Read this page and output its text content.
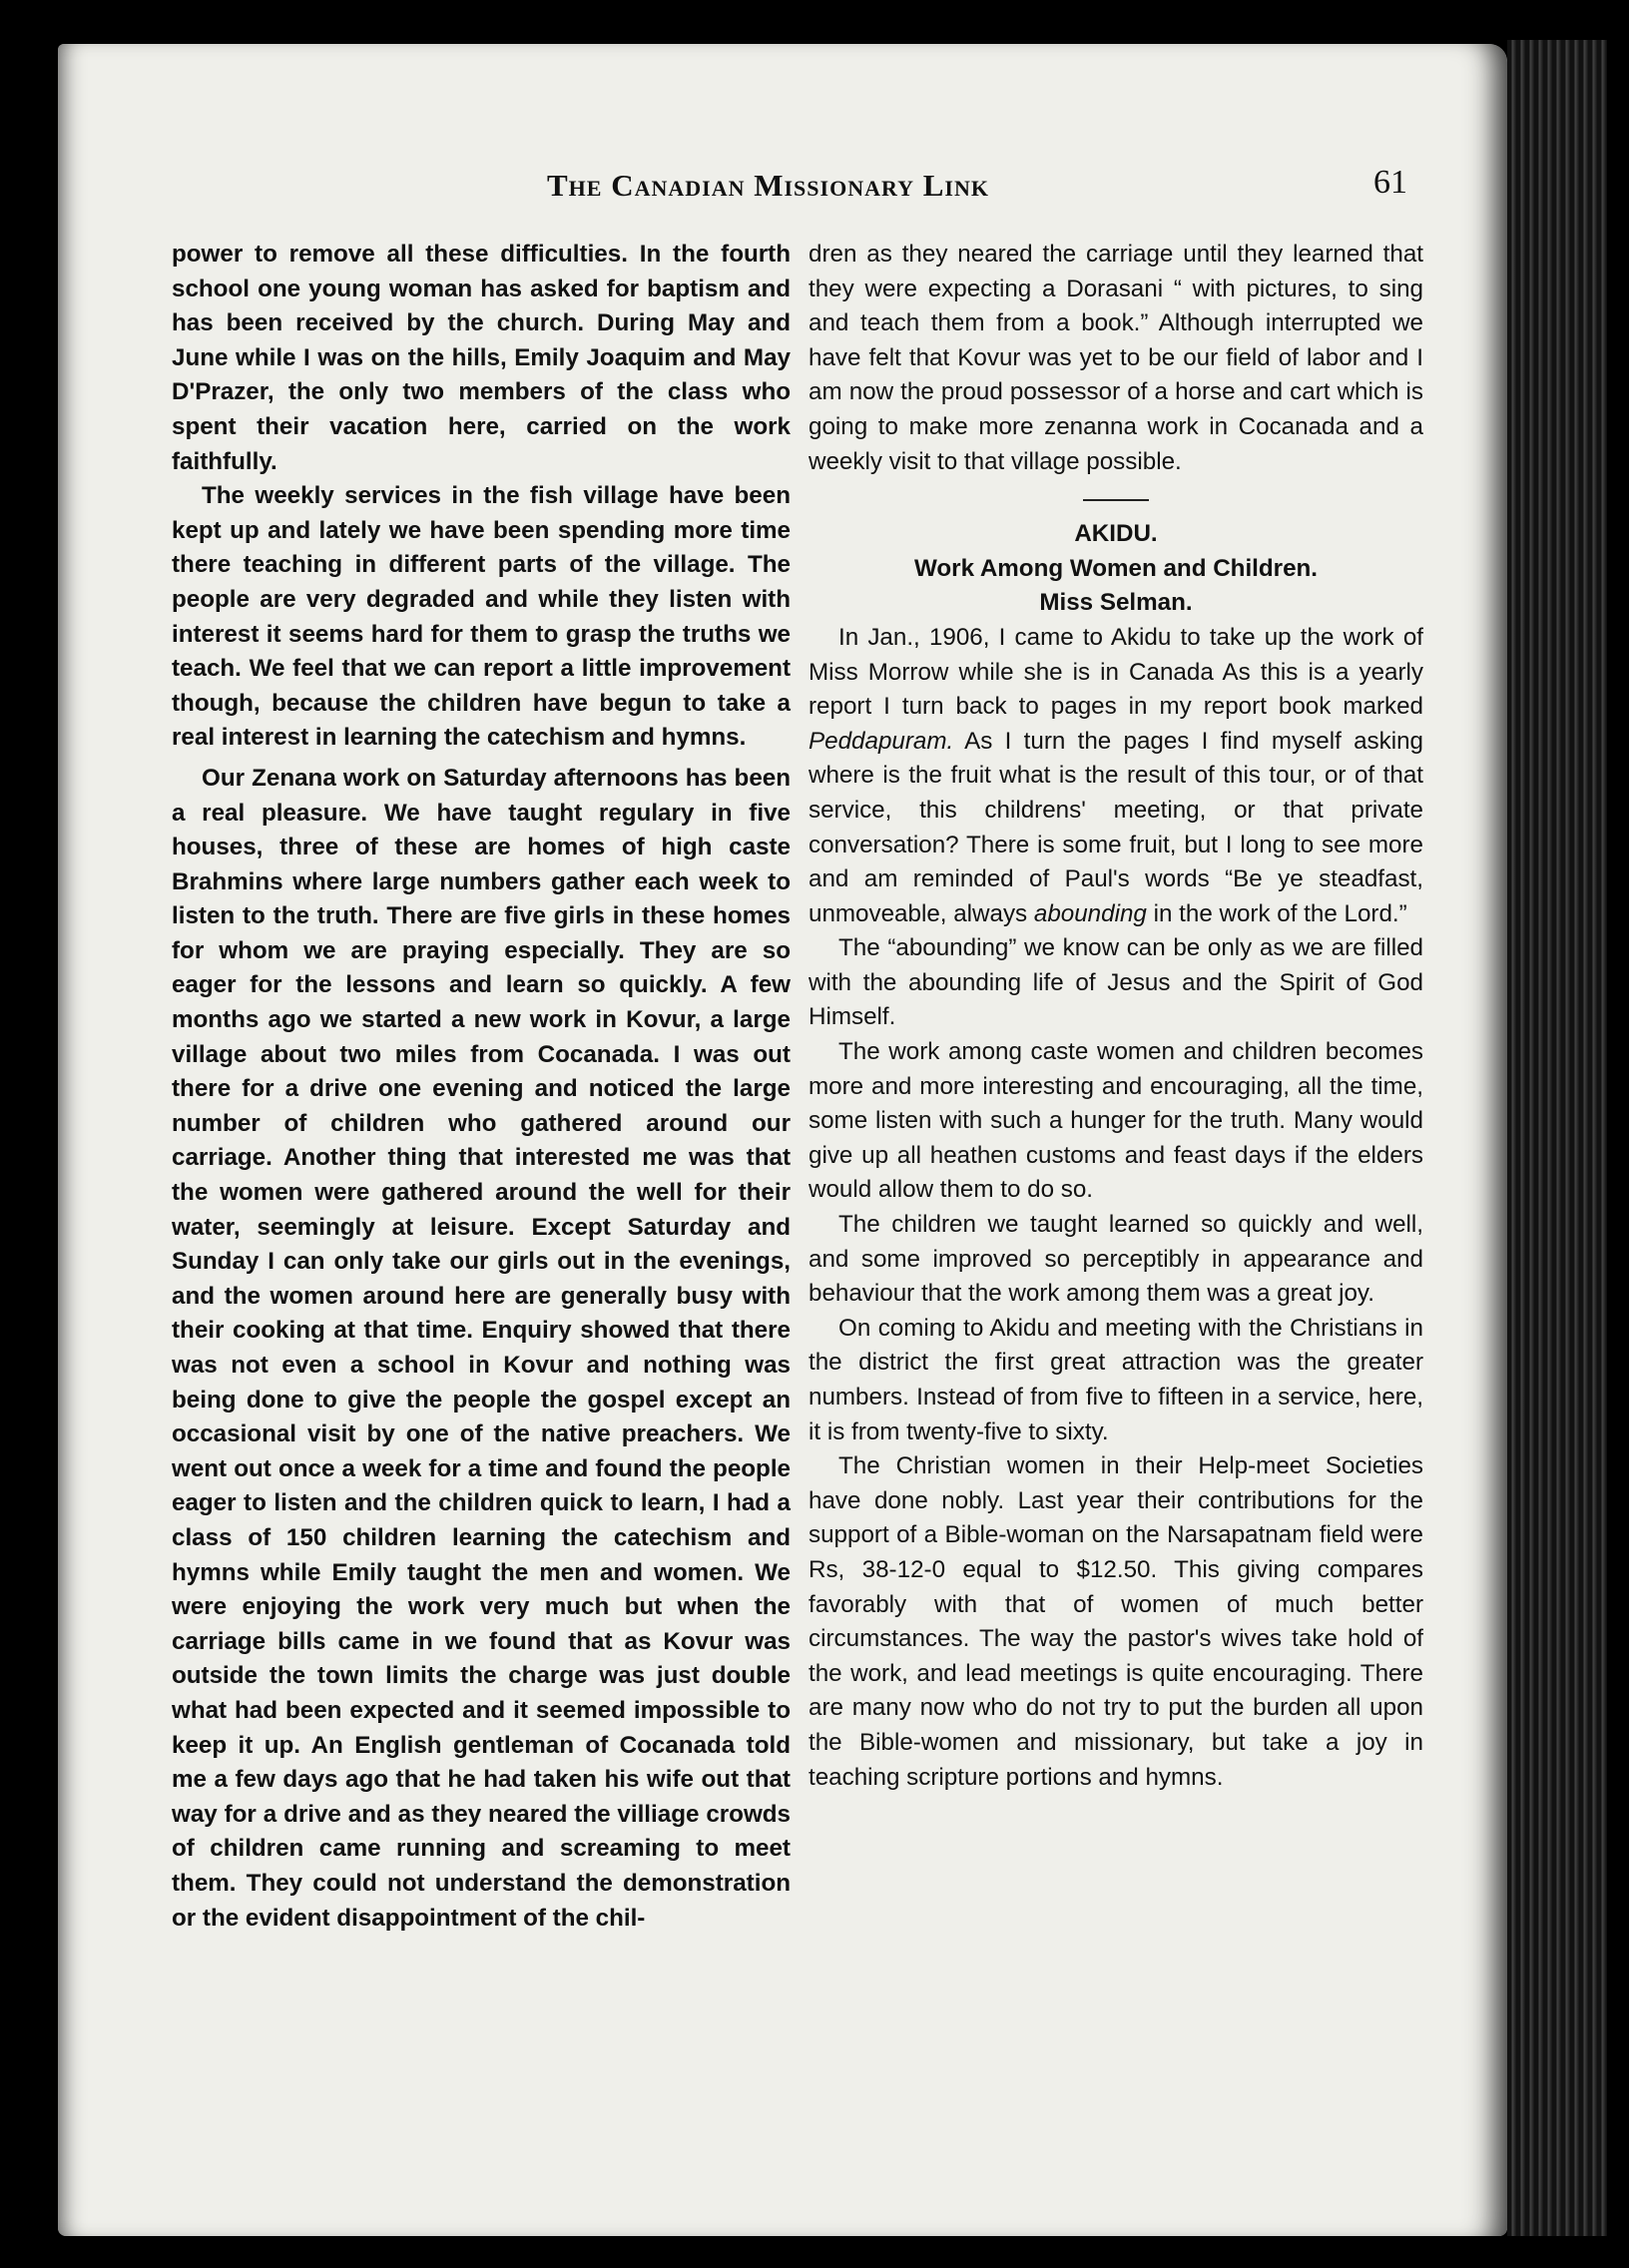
The Canadian Missionary Link	61

power to remove all these difficulties. In the fourth school one young woman has asked for baptism and has been received by the church. During May and June while I was on the hills, Emily Joaquim and May D'Prazer, the only two members of the class who spent their vacation here, carried on the work faithfully.

The weekly services in the fish village have been kept up and lately we have been spending more time there teaching in different parts of the village. The people are very degraded and while they listen with interest it seems hard for them to grasp the truths we teach. We feel that we can report a little improvement though, because the children have begun to take a real interest in learning the catechism and hymns.

Our Zenana work on Saturday afternoons has been a real pleasure. We have taught regulary in five houses, three of these are homes of high caste Brahmins where large numbers gather each week to listen to the truth. There are five girls in these homes for whom we are praying especially. They are so eager for the lessons and learn so quickly. A few months ago we started a new work in Kovur, a large village about two miles from Cocanada. I was out there for a drive one evening and noticed the large number of children who gathered around our carriage. Another thing that interested me was that the women were gathered around the well for their water, seemingly at leisure. Except Saturday and Sunday I can only take our girls out in the evenings, and the women around here are generally busy with their cooking at that time. Enquiry showed that there was not even a school in Kovur and nothing was being done to give the people the gospel except an occasional visit by one of the native preachers. We went out once a week for a time and found the people eager to listen and the children quick to learn, I had a class of 150 children learning the catechism and hymns while Emily taught the men and women. We were enjoying the work very much but when the carriage bills came in we found that as Kovur was outside the town limits the charge was just double what had been expected and it seemed impossible to keep it up. An English gentleman of Cocanada told me a few days ago that he had taken his wife out that way for a drive and as they neared the villiage crowds of children came running and screaming to meet them. They could not understand the demonstration or the evident disappointment of the chil-

dren as they neared the carriage until they learned that they were expecting a Dorasani “ with pictures, to sing and teach them from a book.” Although interrupted we have felt that Kovur was yet to be our field of labor and I am now the proud possessor of a horse and cart which is going to make more zenanna work in Cocanada and a weekly visit to that village possible.

AKIDU.

Work Among Women and Children.

Miss Selman.

In Jan., 1906, I came to Akidu to take up the work of Miss Morrow while she is in Canada As this is a yearly report I turn back to pages in my report book marked Peddapuram. As I turn the pages I find myself asking where is the fruit what is the result of this tour, or of that service, this childrens' meeting, or that private conversation? There is some fruit, but I long to see more and am reminded of Paul's words “Be ye steadfast, unmoveable, always abounding in the work of the Lord.”

The “abounding” we know can be only as we are filled with the abounding life of Jesus and the Spirit of God Himself.

The work among caste women and children becomes more and more interesting and encouraging, all the time, some listen with such a hunger for the truth. Many would give up all heathen customs and feast days if the elders would allow them to do so.

The children we taught learned so quickly and well, and some improved so perceptibly in appearance and behaviour that the work among them was a great joy.

On coming to Akidu and meeting with the Christians in the district the first great attraction was the greater numbers. Instead of from five to fifteen in a service, here, it is from twenty-five to sixty.

The Christian women in their Help-meet Societies have done nobly. Last year their contributions for the support of a Bible-woman on the Narsapatnam field were Rs, 38-12-0 equal to $12.50. This giving compares favorably with that of women of much better circumstances. The way the pastor's wives take hold of the work, and lead meetings is quite encouraging. There are many now who do not try to put the burden all upon the Bible-women and missionary, but take a joy in teaching scripture portions and hymns.
